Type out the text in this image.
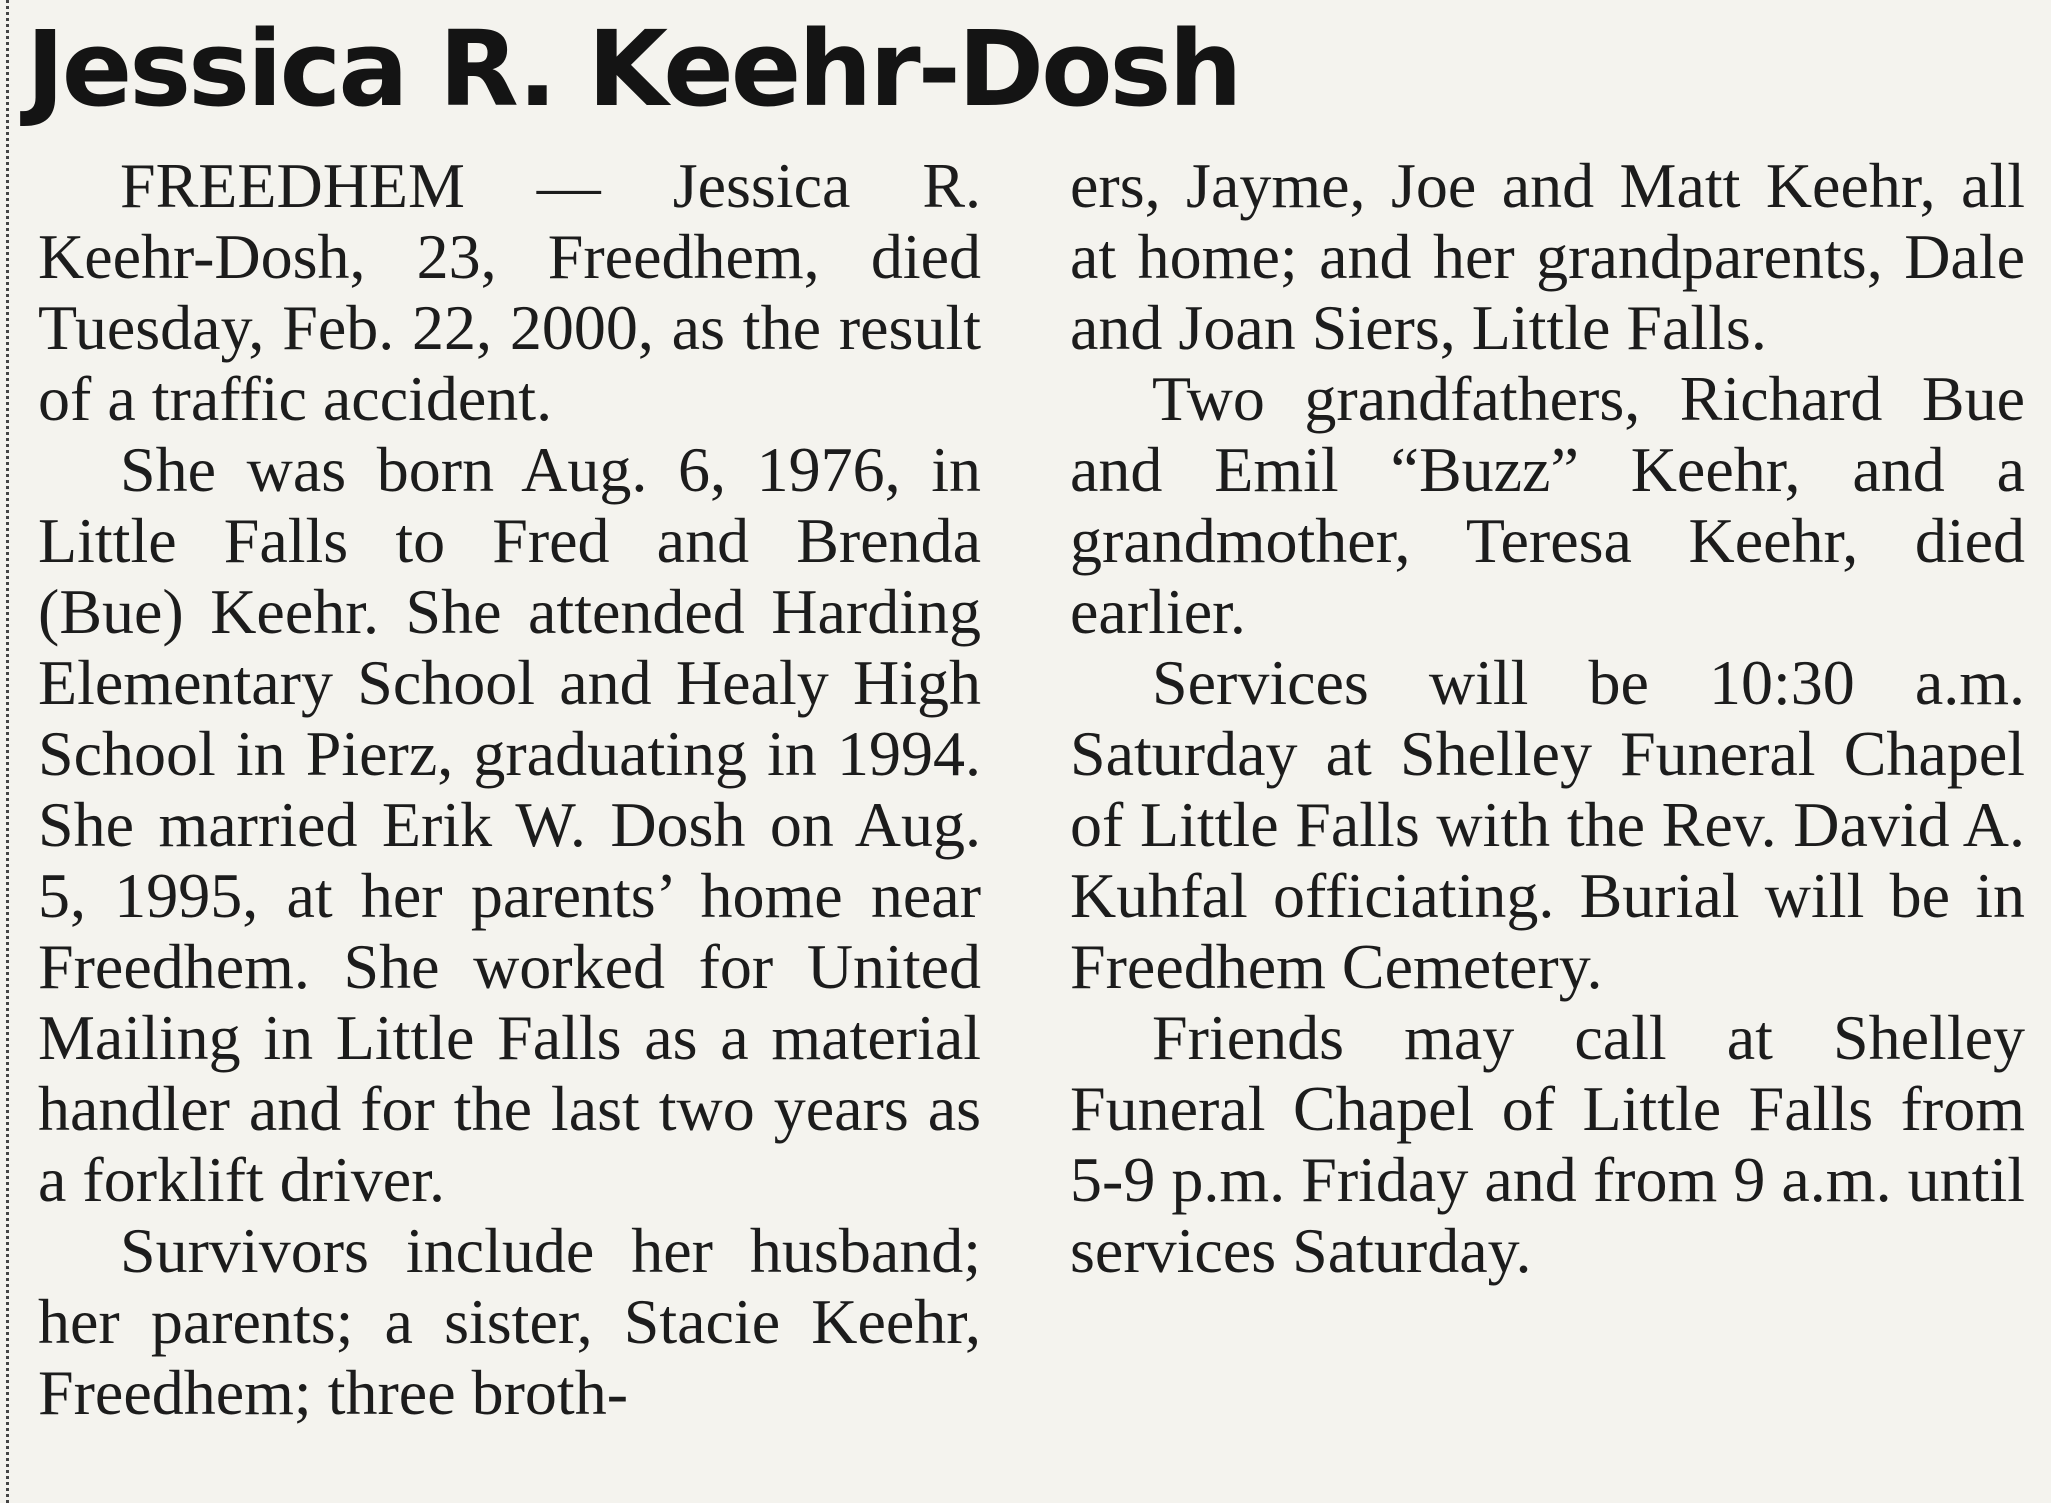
Jessica R. Keehr-Dosh

FREEDHEM — Jessica R. Keehr-Dosh, 23, Freedhem, died Tuesday, Feb. 22, 2000, as the result of a traffic accident.

She was born Aug. 6, 1976, in Little Falls to Fred and Brenda (Bue) Keehr. She attended Harding Elementary School and Healy High School in Pierz, graduating in 1994. She married Erik W. Dosh on Aug. 5, 1995, at her parents’ home near Freedhem. She worked for United Mailing in Little Falls as a material handler and for the last two years as a forklift driver.

Survivors include her husband; her parents; a sister, Stacie Keehr, Freedhem; three broth-

ers, Jayme, Joe and Matt Keehr, all at home; and her grandparents, Dale and Joan Siers, Little Falls.

Two grandfathers, Richard Bue and Emil “Buzz” Keehr, and a grandmother, Teresa Keehr, died earlier.

Services will be 10:30 a.m. Saturday at Shelley Funeral Chapel of Little Falls with the Rev. David A. Kuhfal officiating. Burial will be in Freedhem Cemetery.

Friends may call at Shelley Funeral Chapel of Little Falls from 5-9 p.m. Friday and from 9 a.m. until services Saturday.
